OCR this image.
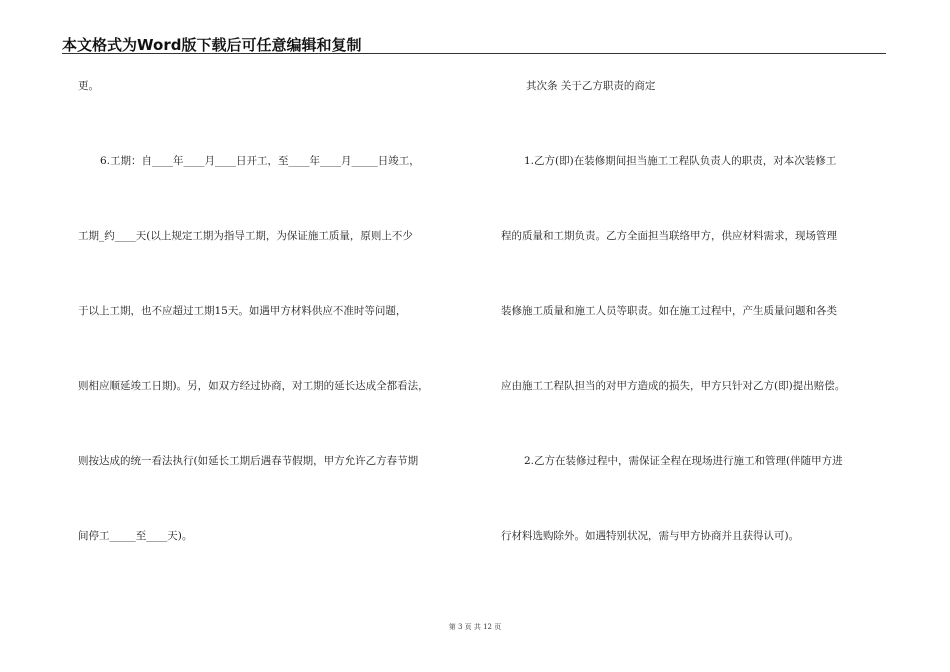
本文格式为Word版下载后可任意编辑和复制
更。
6.工期：自____年____月____日开工，至____年____月_____日竣工，
工期_约____天(以上规定工期为指导工期，为保证施工质量，原则上不少
于以上工期，也不应超过工期15天。如遇甲方材料供应不准时等问题，
则相应顺延竣工日期)。另，如双方经过协商，对工期的延长达成全都看法，
则按达成的统一看法执行(如延长工期后遇春节假期，甲方允许乙方春节期
间停工_____至____天)。
其次条 关于乙方职责的商定
1.乙方(即)在装修期间担当施工工程队负责人的职责，对本次装修工
程的质量和工期负责。乙方全面担当联络甲方，供应材料需求，现场管理
装修施工质量和施工人员等职责。如在施工过程中，产生质量问题和各类
应由施工工程队担当的对甲方造成的损失，甲方只针对乙方(即)提出赔偿。
2.乙方在装修过程中，需保证全程在现场进行施工和管理(伴随甲方进
行材料选购除外。如遇特别状况，需与甲方协商并且获得认可)。
第 3 页 共 12 页
